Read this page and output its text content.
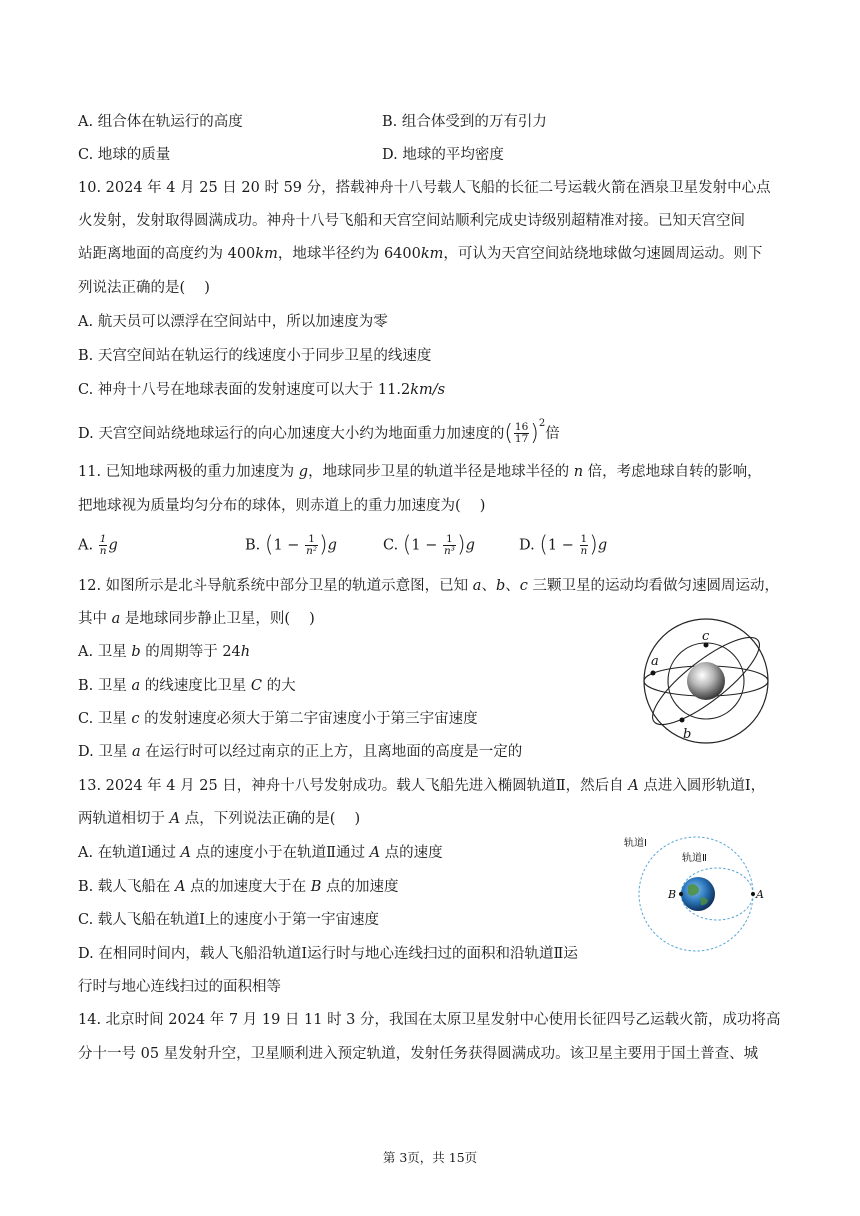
A. 组合体在轨运行的高度	B. 组合体受到的万有引力
C. 地球的质量	D. 地球的平均密度
10. 2024 年 4 月 25 日 20 时 59 分，搭载神舟十八号载人飞船的长征二号运载火箭在酒泉卫星发射中心点
火发射，发射取得圆满成功。神舟十八号飞船和天宫空间站顺利完成史诗级别超精准对接。已知天宫空间
站距离地面的高度约为 400km，地球半径约为 6400km，可认为天宫空间站绕地球做匀速圆周运动。则下
列说法正确的是(　 )
A. 航天员可以漂浮在空间站中，所以加速度为零
B. 天宫空间站在轨运行的线速度小于同步卫星的线速度
C. 神舟十八号在地球表面的发射速度可以大于 11.2km/s
D. 天宫空间站绕地球运行的向心加速度大小约为地面重力加速度的( $\frac{16}{17} )^2$倍
11. 已知地球两极的重力加速度为 g，地球同步卫星的轨道半径是地球半径的 n 倍，考虑地球自转的影响，
把地球视为质量均匀分布的球体，则赤道上的重力加速度为(　 )
A. $\frac{1}{n}$ g	B. $(1 - \frac{1}{\text{n²}} )g$	C. $(1 - \frac{1}{\text{n³}} )g$	D. $(1 - \frac{1}{n} )g$
12. 如图所示是北斗导航系统中部分卫星的轨道示意图，已知 a、b、c 三颗卫星的运动均看做匀速圆周运动，
其中 a 是地球同步静止卫星，则(　 )
A. 卫星 b 的周期等于 24h
B. 卫星 a 的线速度比卫星 C 的大
C. 卫星 c 的发射速度必须大于第二宇宙速度小于第三宇宙速度
D. 卫星 a 在运行时可以经过南京的正上方，且离地面的高度是一定的
a
c
b
13. 2024 年 4 月 25 日，神舟十八号发射成功。载人飞船先进入椭圆轨道Ⅱ，然后自 A 点进入圆形轨道Ⅰ，
两轨道相切于 A 点，下列说法正确的是(　 )
A. 在轨道Ⅰ通过 A 点的速度小于在轨道Ⅱ通过 A 点的速度
B. 载人飞船在 A 点的加速度大于在 B 点的加速度
C. 载人飞船在轨道Ⅰ上的速度小于第一宇宙速度
D. 在相同时间内，载人飞船沿轨道Ⅰ运行时与地心连线扫过的面积和沿轨道Ⅱ运
行时与地心连线扫过的面积相等
B	A
轨道Ⅰ
轨道Ⅱ
14. 北京时间 2024 年 7 月 19 日 11 时 3 分，我国在太原卫星发射中心使用长征四号乙运载火箭，成功将高
分十一号 05 星发射升空，卫星顺利进入预定轨道，发射任务获得圆满成功。该卫星主要用于国土普查、城
第 3页，共 15页
